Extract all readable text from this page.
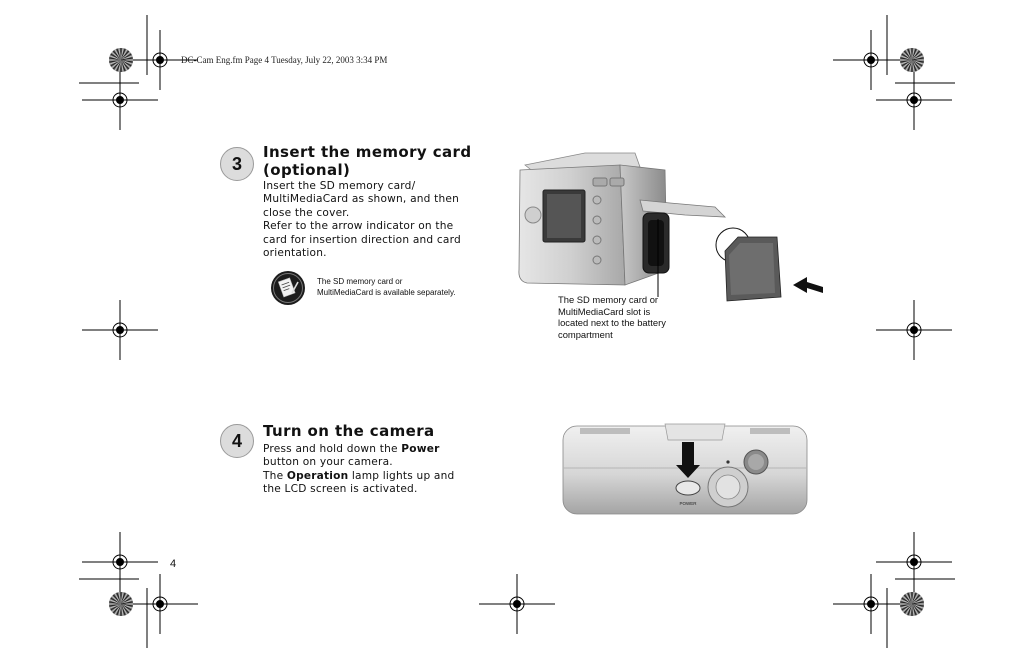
DC-Cam Eng.fm Page 4 Tuesday, July 22, 2003 3:34 PM
3
Insert the memory card
(optional)
Insert the SD memory card/
MultiMediaCard as shown, and then
close the cover.
Refer to the arrow indicator on the
card for insertion direction and card
orientation.
The SD memory card or
MultiMediaCard is available separately.
The SD memory card or
MultiMediaCard slot is
located next to the battery
compartment
4 Turn on the camera
Press and hold down the Power
button on your camera.
The Operation lamp lights up and
the LCD screen is activated.
POWER
4
